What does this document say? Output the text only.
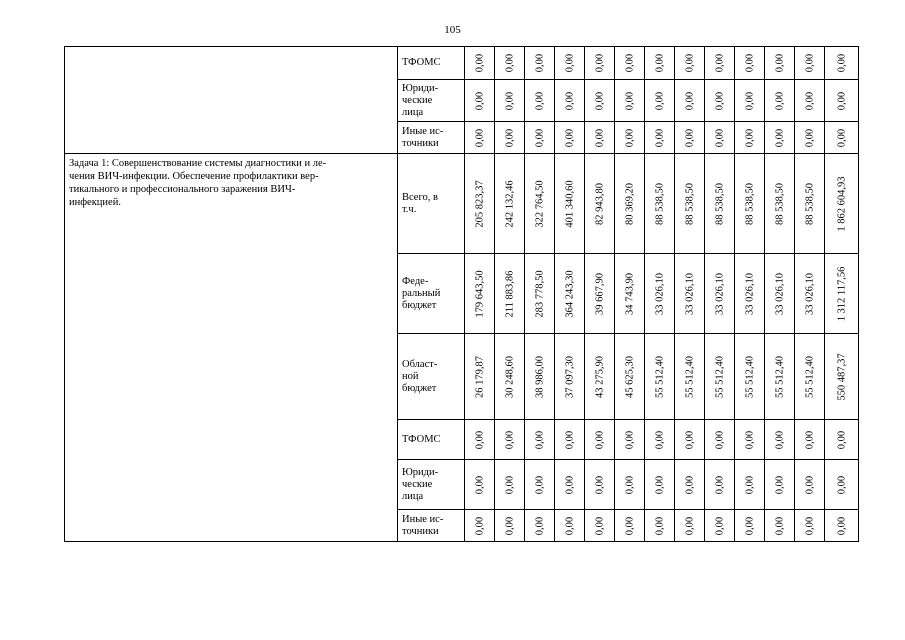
105
	ТФОМС	0,00	0,00	0,00	0,00	0,00	0,00	0,00	0,00	0,00	0,00	0,00	0,00	0,00

	Юриди-
ческие
лица	0,00	0,00	0,00	0,00	0,00	0,00	0,00	0,00	0,00	0,00	0,00	0,00	0,00

	Иные ис-
точники	0,00	0,00	0,00	0,00	0,00	0,00	0,00	0,00	0,00	0,00	0,00	0,00	0,00

Задача 1: Совершенствование системы диагностики и ле-
чения ВИЧ-инфекции. Обеспечение профилактики вер-
тикального и профессионального заражения ВИЧ-
инфекцией.	Всего, в
т.ч.	205 823,37	242 132,46	322 764,50	401 340,60	82 943,80	80 369,20	88 538,50	88 538,50	88 538,50	88 538,50	88 538,50	88 538,50	1 862 604,93

	Феде-
ральный
бюджет	179 643,50	211 883,86	283 778,50	364 243,30	39 667,90	34 743,90	33 026,10	33 026,10	33 026,10	33 026,10	33 026,10	33 026,10	1 312 117,56

	Област-
ной
бюджет	26 179,87	30 248,60	38 986,00	37 097,30	43 275,90	45 625,30	55 512,40	55 512,40	55 512,40	55 512,40	55 512,40	55 512,40	550 487,37

	ТФОМС	0,00	0,00	0,00	0,00	0,00	0,00	0,00	0,00	0,00	0,00	0,00	0,00	0,00

	Юриди-
ческие
лица	0,00	0,00	0,00	0,00	0,00	0,00	0,00	0,00	0,00	0,00	0,00	0,00	0,00

	Иные ис-
точники	0,00	0,00	0,00	0,00	0,00	0,00	0,00	0,00	0,00	0,00	0,00	0,00	0,00
